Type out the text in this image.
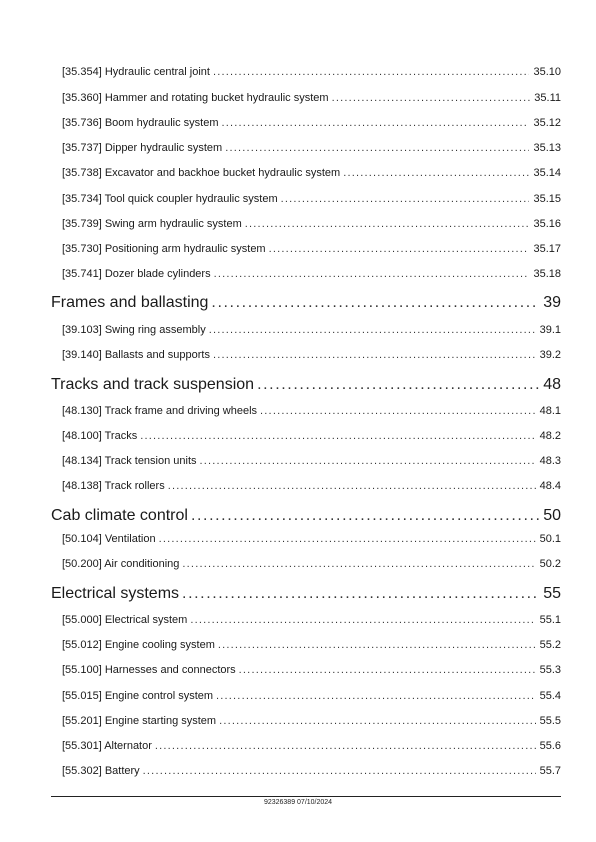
[35.354] Hydraulic central joint .....	35.10
[35.360] Hammer and rotating bucket hydraulic system .....	35.11
[35.736] Boom hydraulic system .....	35.12
[35.737] Dipper hydraulic system .....	35.13
[35.738] Excavator and backhoe bucket hydraulic system .....	35.14
[35.734] Tool quick coupler hydraulic system .....	35.15
[35.739] Swing arm hydraulic system .....	35.16
[35.730] Positioning arm hydraulic system .....	35.17
[35.741] Dozer blade cylinders .....	35.18
Frames and ballasting .....	39
[39.103] Swing ring assembly .....	39.1
[39.140] Ballasts and supports .....	39.2
Tracks and track suspension .....	48
[48.130] Track frame and driving wheels .....	48.1
[48.100] Tracks .....	48.2
[48.134] Track tension units .....	48.3
[48.138] Track rollers .....	48.4
Cab climate control .....	50
[50.104] Ventilation .....	50.1
[50.200] Air conditioning .....	50.2
Electrical systems .....	55
[55.000] Electrical system .....	55.1
[55.012] Engine cooling system .....	55.2
[55.100] Harnesses and connectors .....	55.3
[55.015] Engine control system .....	55.4
[55.201] Engine starting system .....	55.5
[55.301] Alternator .....	55.6
[55.302] Battery .....	55.7
92326389 07/10/2024
